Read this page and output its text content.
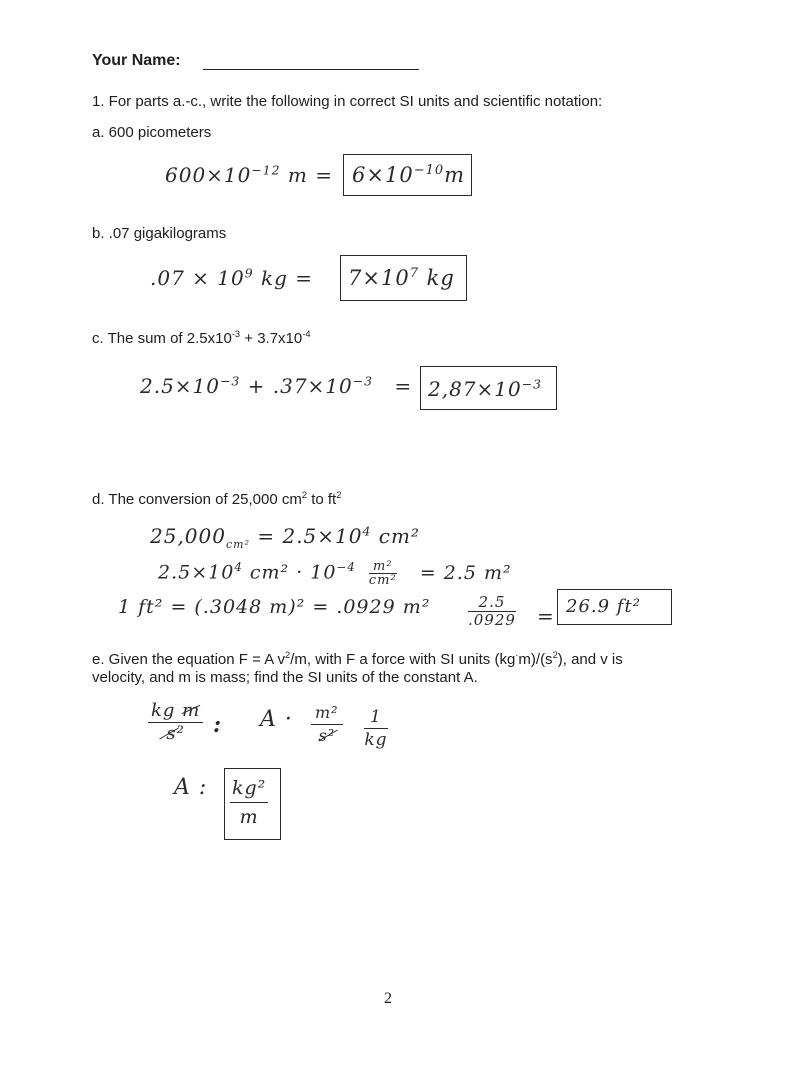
Your Name:
1. For parts a.-c., write the following in correct SI units and scientific notation:
a. 600 picometers
$600\times 10^{-12}$ $m = 6\times 10^{-10}m$
b. .07 gigakilograms
$.07 \times 10^9$ kg = $7\times 10^7$ kg
c. The sum of $2.5x10^{-3} + 3.7x10^{-4}$
$2.5\times 10^{-3} + .37\times 10^{-3} = 2,87\times 10^{-3}$
d. The conversion of 25,000 $cm^2$ to $ft^2$
$25,000_{cm^2} = 2.5\times 10^4$ cm²
$2.5\times 10^4$ $cm^2 \cdot 10^{-4} \frac{\text{m²}}{\text{cm²}} = 2.5$ m²
1 ft² = (.3048 m)² = .0929 m²	$\frac{2.5}{.0929} = 26.9$ ft²
e. Given the equation F = A $v^2/m$, with F a force with SI units $(kg^\cdot m)/(s^2)$, and v is
velocity, and m is mass; find the SI units of the constant A.
$\frac{\text{kg m}}{\text{s²}}$ : $A \cdot \frac{\text{m²}}{\text{s²}} \frac{1}{kg}$
A : $\frac{\text{kg²}}{m}$
2
